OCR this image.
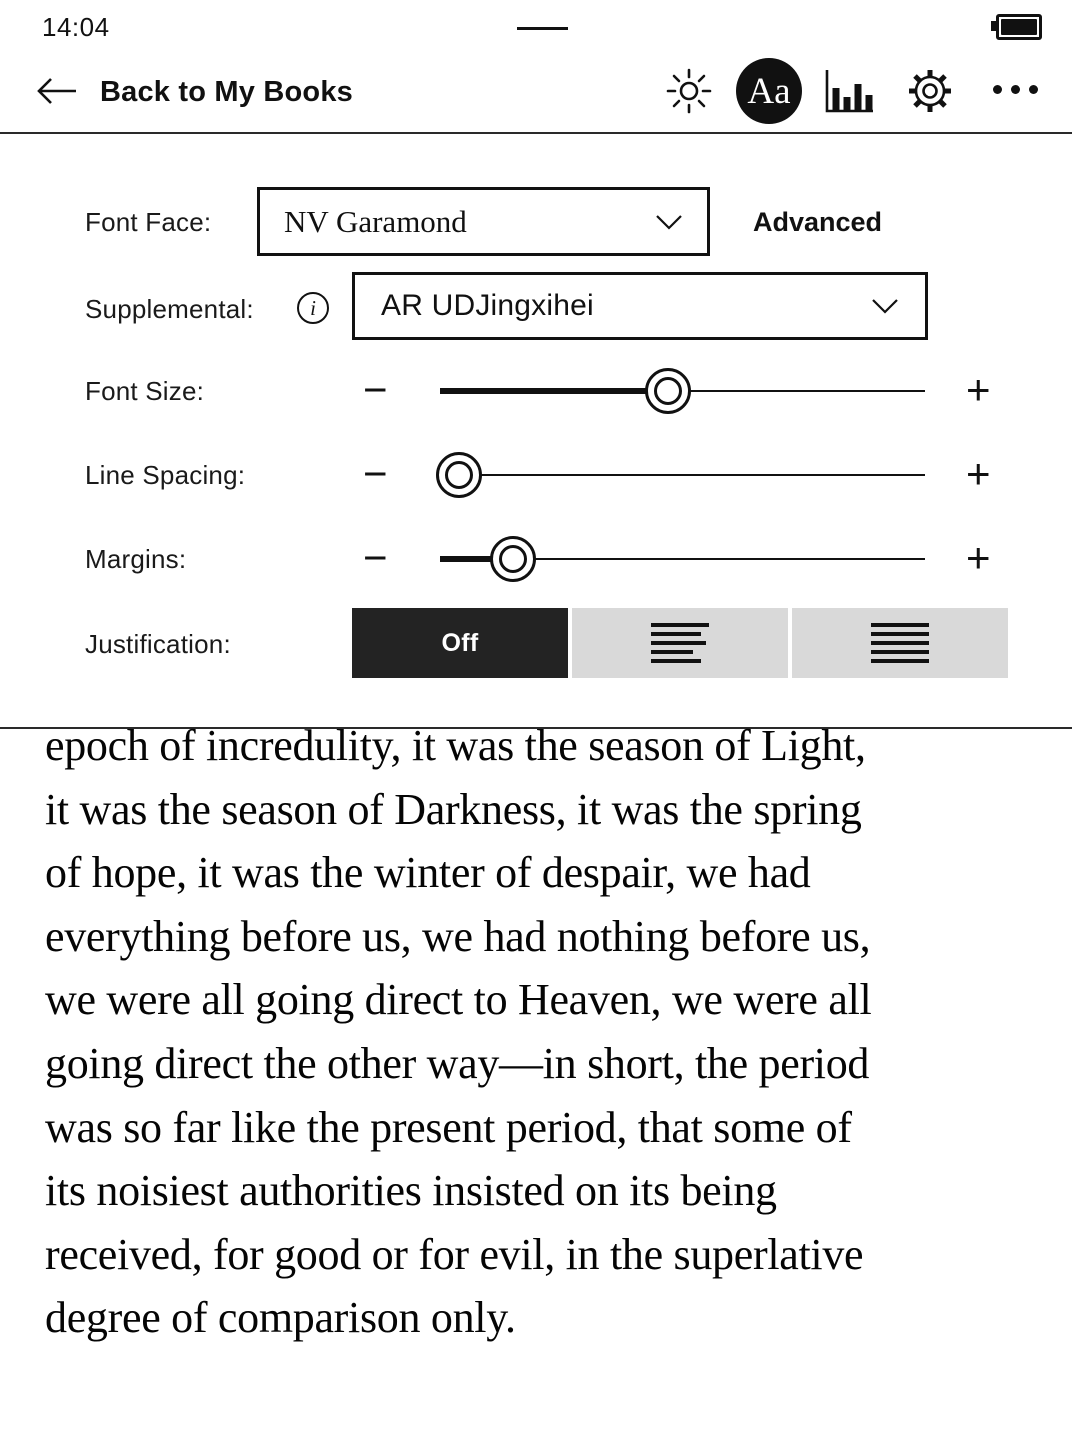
14:04
Back to My Books	Aa
Font Face: NV Garamond	Advanced
Supplemental:	i	AR UDJingxihei
Font Size:	−	+
Line Spacing:	−	+
Margins:	−	+
Justification:	Off
epoch of incredulity, it was the season of Light,
it was the season of Darkness, it was the spring
of hope, it was the winter of despair, we had
everything before us, we had nothing before us,
we were all going direct to Heaven, we were all
going direct the other way—in short, the period
was so far like the present period, that some of
its noisiest authorities insisted on its being
received, for good or for evil, in the superlative
degree of comparison only.
